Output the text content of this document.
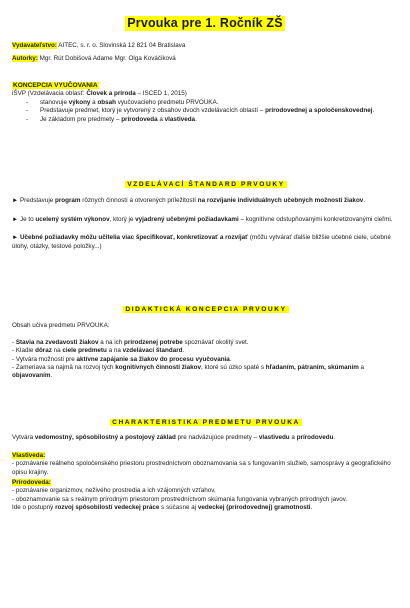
Prvouka pre 1. Ročník ZŠ
Vydavateľstvo: AITEC, s. r. o. Slovinská 12 821 04 Bratislava
Autorky: Mgr. Rút Dobišová Adame Mgr. Olga Kováčiková
KONCEPCIA VYUČOVANIA

iŠVP (Vzdelávacia oblasť: Človek a príroda – ISCED 1, 2015)

- stanovuje výkony a obsah vyučovacieho predmetu PRVOUKA.
- Predstavuje predmet, ktorý je vytvorený z obsahov dvoch vzdelávacích oblastí – prírodovednej a spoločenskovednej.
- Je základom pre predmety – prírodoveda a vlastiveda.
VZDELÁVACÍ ŠTANDARD PRVOUKY

► Predstavuje program rôznych činností a otvorených príležitostí na rozvíjanie individuálnych učebných možností žiakov.

► Je to ucelený systém výkonov, ktorý je vyjadrený učebnými požiadavkami – kognitívne odstupňovanými konkretizovanými cieľmi.

► Učebné požiadavky môžu učitelia viac špecifikovať, konkretizovať a rozvíjať (môžu vytvárať ďalšie bližšie učebné ciele, učebné úlohy, otázky, testové položky...)

DIDAKTICKÁ KONCEPCIA PRVOUKY

Obsah učiva predmetu PRVOUKA:

- Stavia na zvedavosti žiakov a na ich prirodzenej potrebe spoznávať okolitý svet.

- Kladie dôraz na ciele predmetu a na vzdelávací štandard.

- Vytvára možnosti pre aktívne zapájanie sa žiakov do procesu vyučovania.

- Zameriava sa najmä na rozvoj tých kognitívnych činností žiakov, ktoré sú úzko spaté s hľadaním, pátraním, skúmaním a objavovaním.

CHARAKTERISTIKA PREDMETU PRVOUKA

Vytvára vedomostný, spôsobilostný a postojový základ pre nadväzujúce predmety – vlastivedu a prírodovedu.

Vlastiveda:

- poznávanie reálneho spoločenského priestoru prostredníctvom oboznamovania sa s fungovaním služieb, samosprávy a geografického opisu krajiny.

Prírodoveda:

- poznávanie organizmov, neživého prostredia a ich vzájomných vzťahov,

- oboznamovanie sa s reálnym prírodným priestorom prostredníctvom skúmania fungovania vybraných prírodných javov.

Ide o postupný rozvoj spôsobilostí vedeckej práce s súčasne aj vedeckej (prírodovednej) gramotnosti.
